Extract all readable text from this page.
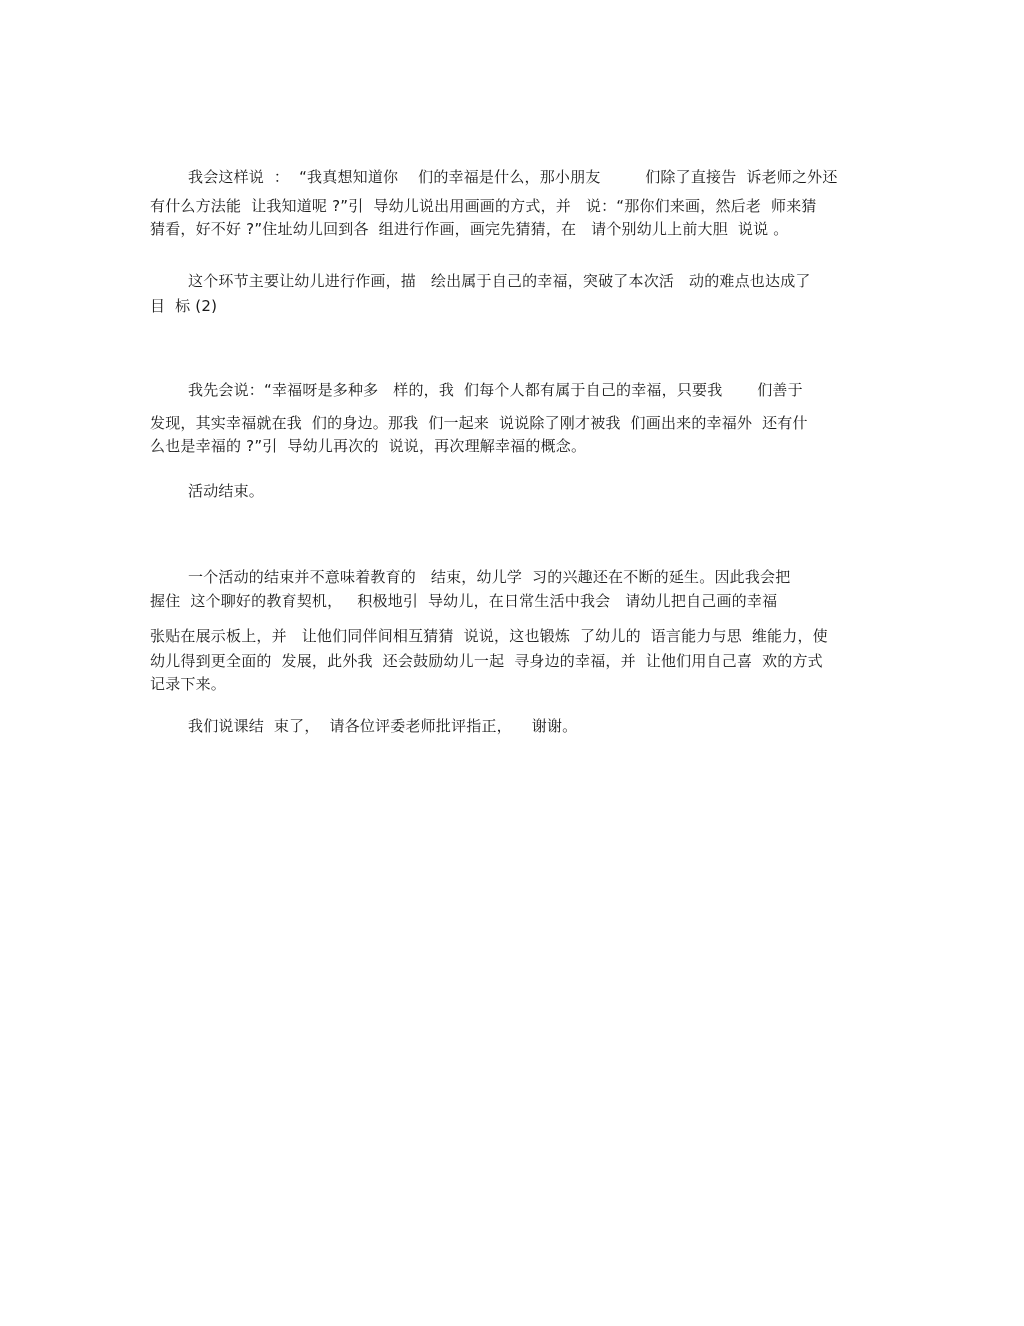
我会这样说  ：  “我真想知道你    们的幸福是什么，那小朋友         们除了直接告  诉老师之外还
有什么方法能  让我知道呢 ?”引  导幼儿说出用画画的方式，并   说：“那你们来画，然后老  师来猜
猜看，好不好 ?”住址幼儿回到各  组进行作画，画完先猜猜，在   请个别幼儿上前大胆  说说 。
这个环节主要让幼儿进行作画，描   绘出属于自己的幸福，突破了本次活   动的难点也达成了
目  标 (2)
我先会说：“幸福呀是多种多   样的，我  们每个人都有属于自己的幸福，只要我       们善于
发现，其实幸福就在我  们的身边。那我  们一起来  说说除了刚才被我  们画出来的幸福外  还有什
么也是幸福的 ?”引  导幼儿再次的  说说，再次理解幸福的概念。
活动结束。
一个活动的结束并不意味着教育的   结束，幼儿学  习的兴趣还在不断的延生。因此我会把
握住  这个聊好的教育契机，   积极地引  导幼儿，在日常生活中我会   请幼儿把自己画的幸福
张贴在展示板上，并   让他们同伴间相互猜猜  说说，这也锻炼  了幼儿的  语言能力与思  维能力，使
幼儿得到更全面的  发展，此外我  还会鼓励幼儿一起  寻身边的幸福，并  让他们用自己喜  欢的方式
记录下来。
我们说课结  束了，  请各位评委老师批评指正，    谢谢。
